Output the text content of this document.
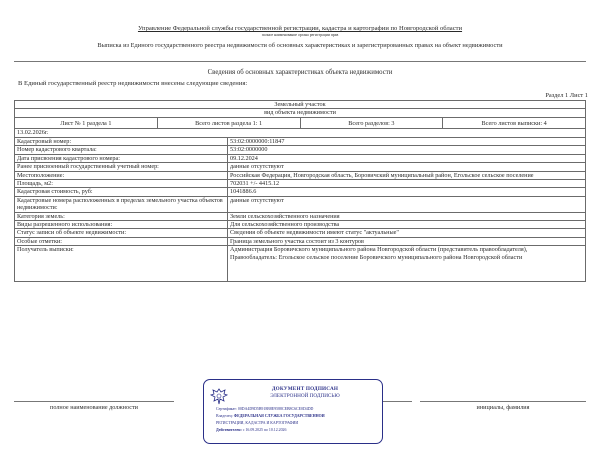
Управление Федеральной службы государственной регистрации, кадастра и картографии по Новгородской области
полное наименование органа регистрации прав
Выписка из Единого государственного реестра недвижимости об основных характеристиках и зарегистрированных правах на объект недвижимости
Сведения об основных характеристиках объекта недвижимости
В Единый государственный реестр недвижимости внесены следующие сведения:
Раздел 1 Лист 1
Земельный участок
вид объекта недвижимости
Лист № 1 раздела 1	Всего листов раздела 1: 1	Всего разделов: 3	Всего листов выписки: 4
13.02.2026г.
Кадастровый номер:	53:02:0000000:11847
Номер кадастрового квартала:	53:02:0000000
Дата присвоения кадастрового номера:	09.12.2024
Ранее присвоенный государственный учетный номер:	данные отсутствуют
Местоположение:	Российская Федерация, Новгородская область, Боровичский муниципальный район, Егольское сельское поселение
Площадь, м2:	702031 +/- 4415.12
Кадастровая стоимость, руб:	1041886.6
Кадастровые номера расположенных в пределах земельного участка объектов недвижимости:	данные отсутствуют
Категория земель:	Земли сельскохозяйственного назначения
Виды разрешенного использования:	Для сельскохозяйственного производства
Статус записи об объекте недвижимости:	Сведения об объекте недвижимости имеют статус "актуальные"
Особые отметки:	Граница земельного участка состоит из 3 контуров
Получатель выписки:	Администрация Боровичского муниципального района Новгородской области (представитель правообладателя),
Правообладатель: Егольское сельское поселение Боровичского муниципального района Новгородской области
полное наименование должности	инициалы, фамилия
ДОКУМЕНТ ПОДПИСАН
ЭЛЕКТРОННОЙ ПОДПИСЬЮ
Сертификат: 00DA4D9D5B918B8E9588CEB8C6CE0D4DD
Владелец: ФЕДЕРАЛЬНАЯ СЛУЖБА ГОСУДАРСТВЕННОЙ
РЕГИСТРАЦИИ, КАДАСТРА И КАРТОГРАФИИ
Действителен: с 16.09.2025 по 10.12.2026
